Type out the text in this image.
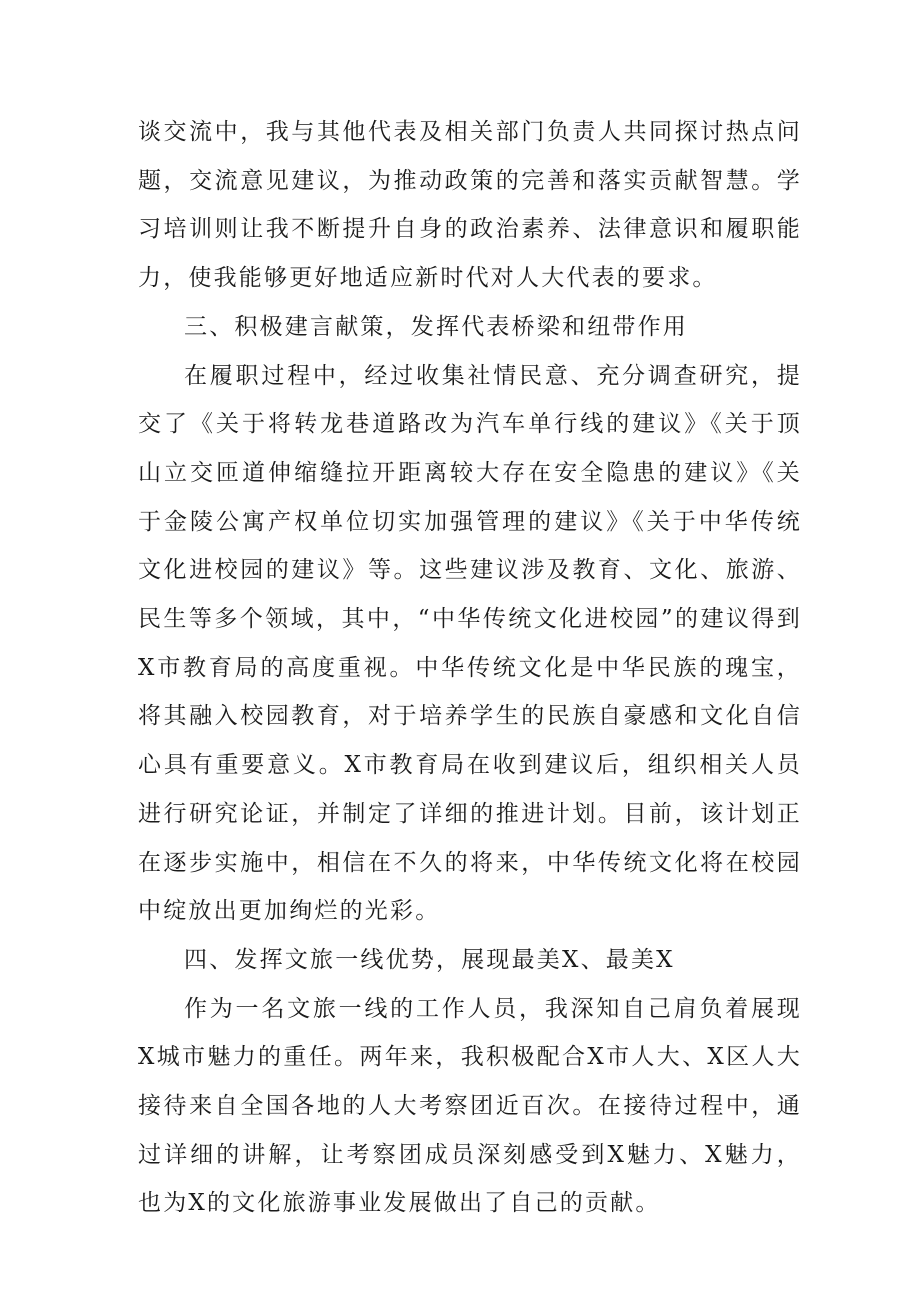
谈交流中，我与其他代表及相关部门负责人共同探讨热点问题，交流意见建议，为推动政策的完善和落实贡献智慧。学习培训则让我不断提升自身的政治素养、法律意识和履职能力，使我能够更好地适应新时代对人大代表的要求。

三、积极建言献策，发挥代表桥梁和纽带作用

在履职过程中，经过收集社情民意、充分调查研究，提交了《关于将转龙巷道路改为汽车单行线的建议》《关于顶山立交匝道伸缩缝拉开距离较大存在安全隐患的建议》《关于金陵公寓产权单位切实加强管理的建议》《关于中华传统文化进校园的建议》等。这些建议涉及教育、文化、旅游、民生等多个领域，其中，“中华传统文化进校园”的建议得到X市教育局的高度重视。中华传统文化是中华民族的瑰宝，将其融入校园教育，对于培养学生的民族自豪感和文化自信心具有重要意义。X市教育局在收到建议后，组织相关人员进行研究论证，并制定了详细的推进计划。目前，该计划正在逐步实施中，相信在不久的将来，中华传统文化将在校园中绽放出更加绚烂的光彩。

四、发挥文旅一线优势，展现最美X、最美X

作为一名文旅一线的工作人员，我深知自己肩负着展现X城市魅力的重任。两年来，我积极配合X市人大、X区人大接待来自全国各地的人大考察团近百次。在接待过程中，通过详细的讲解，让考察团成员深刻感受到X魅力、X魅力，也为X的文化旅游事业发展做出了自己的贡献。
